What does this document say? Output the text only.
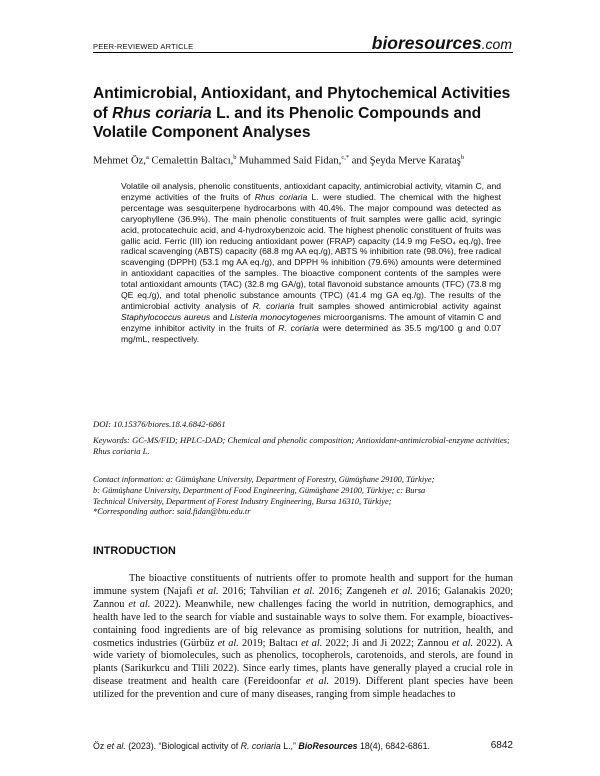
PEER-REVIEWED ARTICLE	bioresources.com
Antimicrobial, Antioxidant, and Phytochemical Activities
of Rhus coriaria L. and its Phenolic Compounds and
Volatile Component Analyses
Mehmet Öz,$^a$ Cemalettin Baltacı,$^b$ Muhammed Said Fidan,$^{c,*}$ and Şeyda Merve Karataş$^b$
Volatile oil analysis, phenolic constituents, antioxidant capacity, antimicrobial activity, vitamin C, and enzyme activities of the fruits of Rhus coriaria L. were studied. The chemical with the highest percentage was sesquiterpene hydrocarbons with 40.4%. The major compound was detected as caryophyllene (36.9%). The main phenolic constituents of fruit samples were gallic acid, syringic acid, protocatechuic acid, and 4-hydroxybenzoic acid. The highest phenolic constituent of fruits was gallic acid. Ferric (III) ion reducing antioxidant power (FRAP) capacity (14.9 mg FeSO₄ eq./g), free radical scavenging (ABTS) capacity (68.8 mg AA eq./g), ABTS % inhibition rate (98.0%), free radical scavenging (DPPH) (53.1 mg AA eq./g), and DPPH % inhibition (79.6%) amounts were determined in antioxidant capacities of the samples. The bioactive component contents of the samples were total antioxidant amounts (TAC) (32.8 mg GA/g), total flavonoid substance amounts (TFC) (73.8 mg QE eq./g), and total phenolic substance amounts (TPC) (41.4 mg GA eq./g). The results of the antimicrobial activity analysis of R. coriaria fruit samples showed antimicrobial activity against Staphylococcus aureus and Listeria monocytogenes microorganisms. The amount of vitamin C and enzyme inhibitor activity in the fruits of R. coriaria were determined as 35.5 mg/100 g and 0.07 mg/mL, respectively.
DOI: 10.15376/biores.18.4.6842-6861
Keywords: GC-MS/FID; HPLC-DAD; Chemical and phenolic composition; Antioxidant-antimicrobial-enzyme activities; Rhus coriaria L.
Contact information: a: Gümüşhane University, Department of Forestry, Gümüşhane 29100, Türkiye;
b: Gümüşhane University, Department of Food Engineering, Gümüşhane 29100, Türkiye; c: Bursa
Technical University, Department of Forest Industry Engineering, Bursa 16310, Türkiye;
*Corresponding author: said.fidan@btu.edu.tr
INTRODUCTION
The bioactive constituents of nutrients offer to promote health and support for the human immune system (Najafi et al. 2016; Tahvilian et al. 2016; Zangeneh et al. 2016; Galanakis 2020; Zannou et al. 2022). Meanwhile, new challenges facing the world in nutrition, demographics, and health have led to the search for viable and sustainable ways to solve them. For example, bioactives-containing food ingredients are of big relevance as promising solutions for nutrition, health, and cosmetics industries (Gürbüz et al. 2019; Baltacı et al. 2022; Ji and Ji 2022; Zannou et al. 2022). A wide variety of biomolecules, such as phenolics, tocopherols, carotenoids, and sterols, are found in plants (Sarikurkcu and Tlili 2022). Since early times, plants have generally played a crucial role in disease treatment and health care (Fereidoonfar et al. 2019). Different plant species have been utilized for the prevention and cure of many diseases, ranging from simple headaches to
Öz et al. (2023). “Biological activity of R. coriaria L.,” BioResources 18(4), 6842-6861.	6842
